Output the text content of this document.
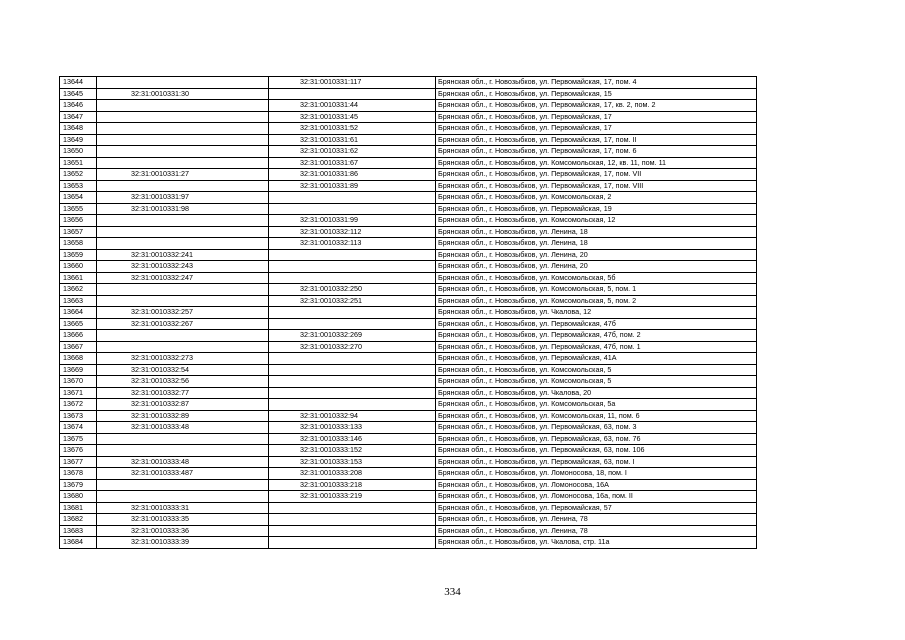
13644		32:31:0010331:117	Брянская обл., г. Новозыбков, ул. Первомайская, 17, пом. 4
13645	32:31:0010331:30		Брянская обл., г. Новозыбков, ул. Первомайская, 15
13646		32:31:0010331:44	Брянская обл., г. Новозыбков, ул. Первомайская, 17, кв. 2, пом. 2
13647		32:31:0010331:45	Брянская обл., г. Новозыбков, ул. Первомайская, 17
13648		32:31:0010331:52	Брянская обл., г. Новозыбков, ул. Первомайская, 17
13649		32:31:0010331:61	Брянская обл., г. Новозыбков, ул. Первомайская, 17, пом. II
13650		32:31:0010331:62	Брянская обл., г. Новозыбков, ул. Первомайская, 17, пом. 6
13651		32:31:0010331:67	Брянская обл., г. Новозыбков, ул. Комсомольская, 12, кв. 11, пом. 11
13652	32:31:0010331:27	32:31:0010331:86	Брянская обл., г. Новозыбков, ул. Первомайская, 17, пом. VII
13653		32:31:0010331:89	Брянская обл., г. Новозыбков, ул. Первомайская, 17, пом. VIII
13654	32:31:0010331:97		Брянская обл., г. Новозыбков, ул. Комсомольская, 2
13655	32:31:0010331:98		Брянская обл., г. Новозыбков, ул. Первомайская, 19
13656		32:31:0010331:99	Брянская обл., г. Новозыбков, ул. Комсомольская, 12
13657		32:31:0010332:112	Брянская обл., г. Новозыбков, ул. Ленина, 18
13658		32:31:0010332:113	Брянская обл., г. Новозыбков, ул. Ленина, 18
13659	32:31:0010332:241		Брянская обл., г. Новозыбков, ул. Ленина, 20
13660	32:31:0010332:243		Брянская обл., г. Новозыбков, ул. Ленина, 20
13661	32:31:0010332:247		Брянская обл., г. Новозыбков, ул. Комсомольская, 5б
13662		32:31:0010332:250	Брянская обл., г. Новозыбков, ул. Комсомольская, 5, пом. 1
13663		32:31:0010332:251	Брянская обл., г. Новозыбков, ул. Комсомольская, 5, пом. 2
13664	32:31:0010332:257		Брянская обл., г. Новозыбков, ул. Чкалова, 12
13665	32:31:0010332:267		Брянская обл., г. Новозыбков, ул. Первомайская, 47б
13666		32:31:0010332:269	Брянская обл., г. Новозыбков, ул. Первомайская, 47б, пом. 2
13667		32:31:0010332:270	Брянская обл., г. Новозыбков, ул. Первомайская, 47б, пом. 1
13668	32:31:0010332:273		Брянская обл., г. Новозыбков, ул. Первомайская, 41А
13669	32:31:0010332:54		Брянская обл., г. Новозыбков, ул. Комсомольская, 5
13670	32:31:0010332:56		Брянская обл., г. Новозыбков, ул. Комсомольская, 5
13671	32:31:0010332:77		Брянская обл., г. Новозыбков, ул. Чкалова, 20
13672	32:31:0010332:87		Брянская обл., г. Новозыбков, ул. Комсомольская, 5а
13673	32:31:0010332:89	32:31:0010332:94	Брянская обл., г. Новозыбков, ул. Комсомольская, 11, пом. 6
13674	32:31:0010333:48	32:31:0010333:133	Брянская обл., г. Новозыбков, ул. Первомайская, 63, пом. 3
13675		32:31:0010333:146	Брянская обл., г. Новозыбков, ул. Первомайская, 63, пом. 76
13676		32:31:0010333:152	Брянская обл., г. Новозыбков, ул. Первомайская, 63, пом. 106
13677	32:31:0010333:48	32:31:0010333:153	Брянская обл., г. Новозыбков, ул. Первомайская, 63, пом. I
13678	32:31:0010333:487	32:31:0010333:208	Брянская обл., г. Новозыбков, ул. Ломоносова, 18, пом. I
13679		32:31:0010333:218	Брянская обл., г. Новозыбков, ул. Ломоносова, 16А
13680		32:31:0010333:219	Брянская обл., г. Новозыбков, ул. Ломоносова, 16а, пом. II
13681	32:31:0010333:31		Брянская обл., г. Новозыбков, ул. Первомайская, 57
13682	32:31:0010333:35		Брянская обл., г. Новозыбков, ул. Ленина, 78
13683	32:31:0010333:36		Брянская обл., г. Новозыбков, ул. Ленина, 78
13684	32:31:0010333:39		Брянская обл., г. Новозыбков, ул. Чкалова, стр. 11а
334
